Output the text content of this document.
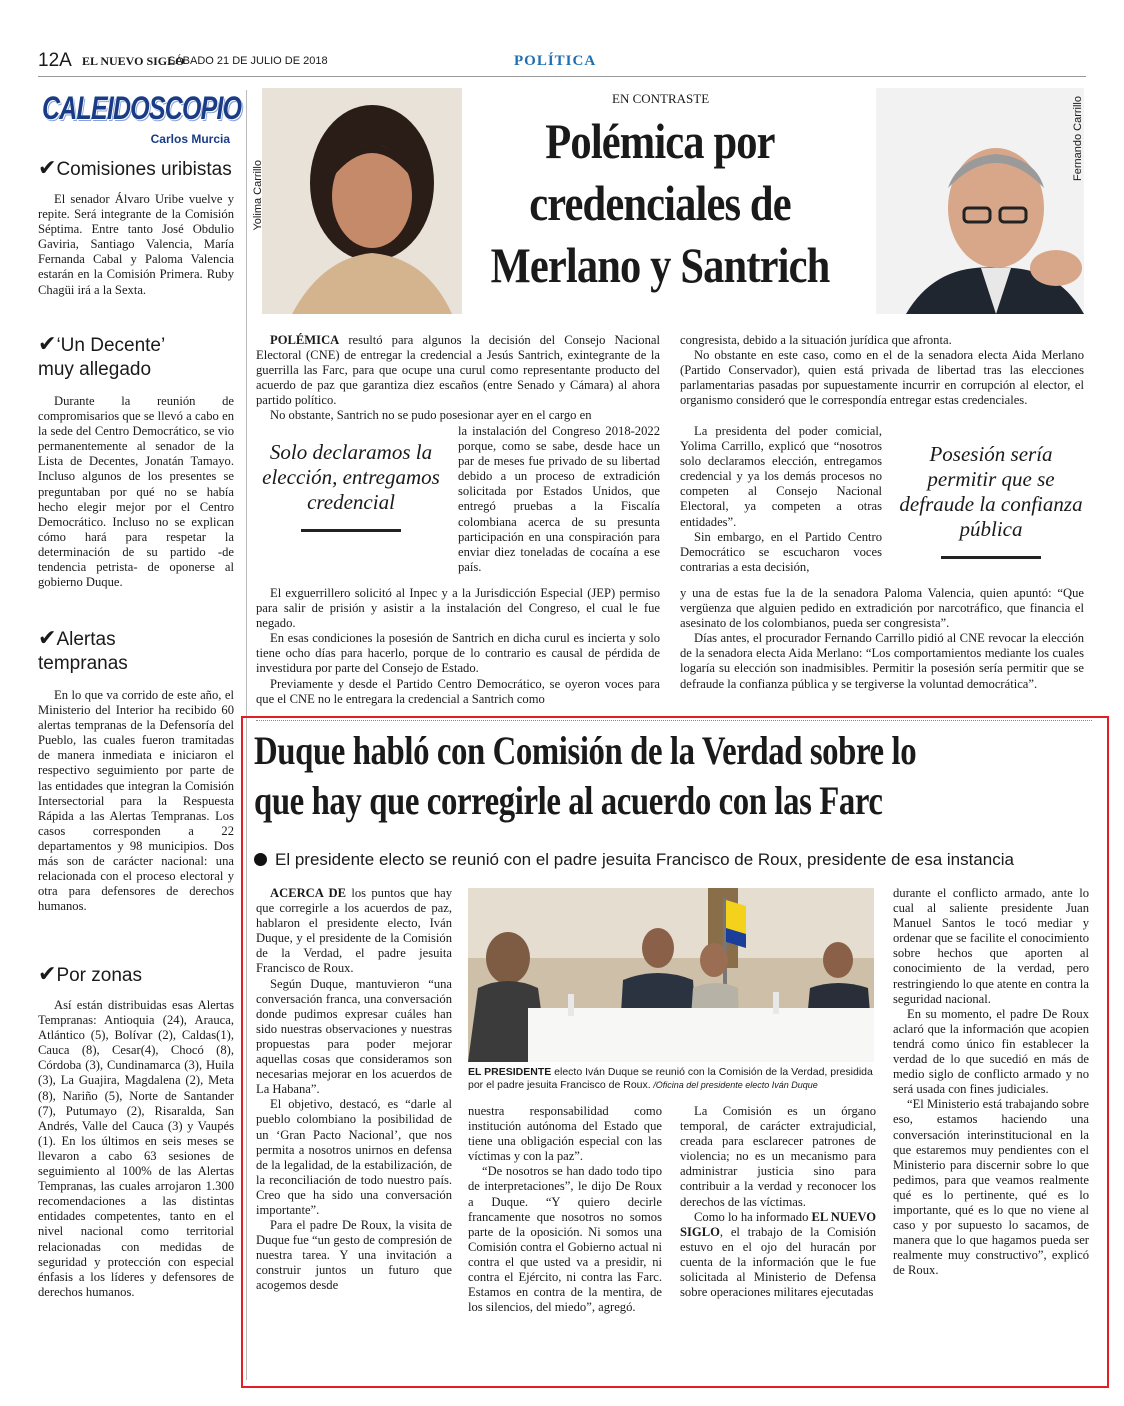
12A EL NUEVO SIGLO
SÁBADO 21 DE JULIO DE 2018	POLÍTICA
CALEIDOSCOPIO
Carlos Murcia
✔Comisiones uribistas

El senador Álvaro Uribe vuelve y repite. Será integrante de la Comisión Séptima. Entre tanto José Obdulio Gaviria, Santiago Valencia, María Fernanda Cabal y Paloma Valencia estarán en la Comisión Primera. Ruby Chagüi irá a la Sexta.

✔‘Un Decente’
muy allegado

Durante la reunión de compromisarios que se llevó a cabo en la sede del Centro Democrático, se vio permanentemente al senador de la Lista de Decentes, Jonatán Tamayo. Incluso algunos de los presentes se preguntaban por qué no se había hecho elegir mejor por el Centro Democrático. Incluso no se explican cómo hará para respetar la determinación de su partido -de tendencia petrista- de oponerse al gobierno Duque.

✔Alertas
tempranas

En lo que va corrido de este año, el Ministerio del Interior ha recibido 60 alertas tempranas de la Defensoría del Pueblo, las cuales fueron tramitadas de manera inmediata e iniciaron el respectivo seguimiento por parte de las entidades que integran la Comisión Intersectorial para la Respuesta Rápida a las Alertas Tempranas. Los casos corresponden a 22 departamentos y 98 municipios. Dos más son de carácter nacional: una relacionada con el proceso electoral y otra para defensores de derechos humanos.

✔Por zonas

Así están distribuidas esas Alertas Tempranas: Antioquia (24), Arauca, Atlántico (5), Bolívar (2), Caldas(1), Cauca (8), Cesar(4), Chocó (8), Córdoba (3), Cundinamarca (3), Huila (3), La Guajira, Magdalena (2), Meta (8), Nariño (5), Norte de Santander (7), Putumayo (2), Risaralda, San Andrés, Valle del Cauca (3) y Vaupés (1). En los últimos en seis meses se llevaron a cabo 63 sesiones de seguimiento al 100% de las Alertas Tempranas, las cuales arrojaron 1.300 recomendaciones a las distintas entidades competentes, tanto en el nivel nacional como territorial relacionadas con medidas de seguridad y protección con especial énfasis a los líderes y defensores de derechos humanos.

EN CONTRASTE
Yolima Carrillo
Polémica por
credenciales de
Merlano y Santrich
Fernando Carrillo

POLÉMICA resultó para algunos la decisión del Consejo Nacional Electoral (CNE) de entregar la credencial a Jesús Santrich, exintegrante de la guerrilla las Farc, para que ocupe una curul como representante producto del acuerdo de paz que garantiza diez escaños (entre Senado y Cámara) al ahora partido político.

No obstante, Santrich no se pudo posesionar ayer en el cargo en

Solo declaramos la elección, entregamos credencial

la instalación del Congreso 2018-2022 porque, como se sabe, desde hace un par de meses fue privado de su libertad debido a un proceso de extradición solicitada por Estados Unidos, que entregó pruebas a la Fiscalía colombiana acerca de su presunta participación en una conspiración para enviar diez toneladas de cocaína a ese país.

El exguerrillero solicitó al Inpec y a la Jurisdicción Especial (JEP) permiso para salir de prisión y asistir a la instalación del Congreso, el cual le fue negado.

En esas condiciones la posesión de Santrich en dicha curul es incierta y solo tiene ocho días para hacerlo, porque de lo contrario es causal de pérdida de investidura por parte del Consejo de Estado.

Previamente y desde el Partido Centro Democrático, se oyeron voces para que el CNE no le entregara la credencial a Santrich como

congresista, debido a la situación jurídica que afronta.

No obstante en este caso, como en el de la senadora electa Aida Merlano (Partido Conservador), quien está privada de libertad tras las elecciones parlamentarias pasadas por supuestamente incurrir en corrupción al elector, el organismo consideró que le correspondía entregar estas credenciales.

La presidenta del poder comicial, Yolima Carrillo, explicó que “nosotros solo declaramos elección, entregamos credencial y ya los demás procesos no competen al Consejo Nacional Electoral, ya competen a otras entidades”.

Sin embargo, en el Partido Centro Democrático se escucharon voces contrarias a esta decisión,

Posesión sería permitir que se defraude la confianza pública

y una de estas fue la de la senadora Paloma Valencia, quien apuntó: “Que vergüenza que alguien pedido en extradición por narcotráfico, que financia el asesinato de los colombianos, pueda ser congresista”.

Días antes, el procurador Fernando Carrillo pidió al CNE revocar la elección de la senadora electa Aida Merlano: “Los comportamientos mediante los cuales logaría su elección son inadmisibles. Permitir la posesión sería permitir que se defraude la confianza pública y se tergiverse la voluntad democrática”.

Duque habló con Comisión de la Verdad sobre lo
que hay que corregirle al acuerdo con las Farc
El presidente electo se reunió con el padre jesuita Francisco de Roux, presidente de esa instancia

ACERCA DE los puntos que hay que corregirle a los acuerdos de paz, hablaron el presidente electo, Iván Duque, y el presidente de la Comisión de la Verdad, el padre jesuita Francisco de Roux.

Según Duque, mantuvieron “una conversación franca, una conversación donde pudimos expresar cuáles han sido nuestras observaciones y nuestras propuestas para poder mejorar aquellas cosas que consideramos son necesarias mejorar en los acuerdos de La Habana”.

El objetivo, destacó, es “darle al pueblo colombiano la posibilidad de un ‘Gran Pacto Nacional’, que nos permita a nosotros unirnos en defensa de la legalidad, de la estabilización, de la reconciliación de todo nuestro país. Creo que ha sido una conversación importante”.

Para el padre De Roux, la visita de Duque fue “un gesto de compresión de nuestra tarea. Y una invitación a construir juntos un futuro que acogemos desde

EL PRESIDENTE electo Iván Duque se reunió con la Comisión de la Verdad, presidida por el padre jesuita Francisco de Roux. /Oficina del presidente electo Iván Duque

nuestra responsabilidad como institución autónoma del Estado que tiene una obligación especial con las víctimas y con la paz”.

“De nosotros se han dado todo tipo de interpretaciones”, le dijo De Roux a Duque. “Y quiero decirle francamente que nosotros no somos parte de la oposición. Ni somos una Comisión contra el Gobierno actual ni contra el que usted va a presidir, ni contra el Ejército, ni contra las Farc. Estamos en contra de la mentira, de los silencios, del miedo”, agregó.

La Comisión es un órgano temporal, de carácter extrajudicial, creada para esclarecer patrones de violencia; no es un mecanismo para administrar justicia sino para contribuir a la verdad y reconocer los derechos de las víctimas.

Como lo ha informado EL NUEVO SIGLO, el trabajo de la Comisión estuvo en el ojo del huracán por cuenta de la información que le fue solicitada al Ministerio de Defensa sobre operaciones militares ejecutadas

durante el conflicto armado, ante lo cual al saliente presidente Juan Manuel Santos le tocó mediar y ordenar que se facilite el conocimiento sobre hechos que aporten al conocimiento de la verdad, pero restringiendo lo que atente en contra la seguridad nacional.

En su momento, el padre De Roux aclaró que la información que acopien tendrá como único fin establecer la verdad de lo que sucedió en más de medio siglo de conflicto armado y no será usada con fines judiciales.

“El Ministerio está trabajando sobre eso, estamos haciendo una conversación interinstitucional en la que estaremos muy pendientes con el Ministerio para discernir sobre lo que pedimos, para que veamos realmente qué es lo pertinente, qué es lo importante, qué es lo que no viene al caso y por supuesto lo sacamos, de manera que lo que hagamos pueda ser realmente muy constructivo”, explicó de Roux.
